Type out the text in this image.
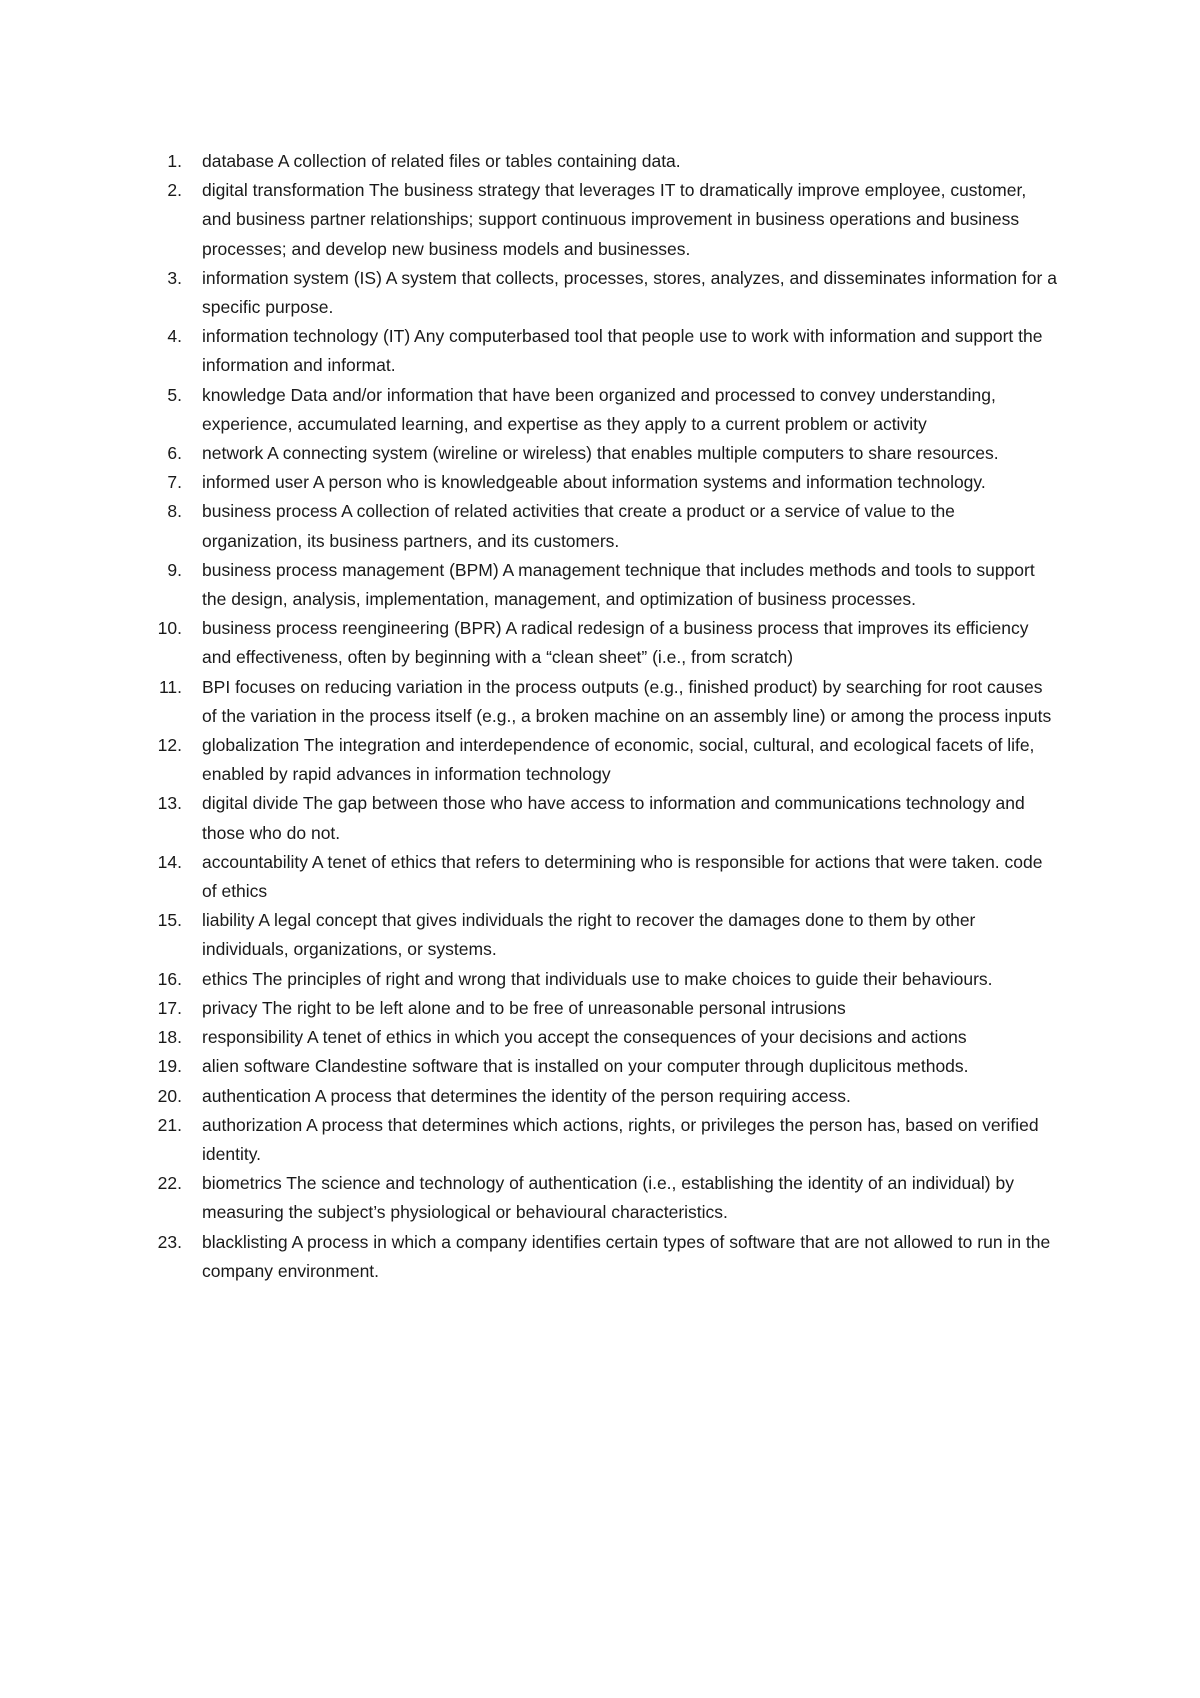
1.	database A collection of related files or tables containing data.
2.	digital transformation The business strategy that leverages IT to dramatically improve employee, customer, and business partner relationships; support continuous improvement in business operations and business processes; and develop new business models and businesses.
3.	information system (IS) A system that collects, processes, stores, analyzes, and disseminates information for a specific purpose.
4.	information technology (IT) Any computerbased tool that people use to work with information and support the information and informat.
5.	knowledge Data and/or information that have been organized and processed to convey understanding, experience, accumulated learning, and expertise as they apply to a current problem or activity
6.	network A connecting system (wireline or wireless) that enables multiple computers to share resources.
7.	informed user A person who is knowledgeable about information systems and information technology.
8.	business process A collection of related activities that create a product or a service of value to the organization, its business partners, and its customers.
9.	business process management (BPM) A management technique that includes methods and tools to support the design, analysis, implementation, management, and optimization of business processes.
10.	business process reengineering (BPR) A radical redesign of a business process that improves its efficiency and effectiveness, often by beginning with a “clean sheet” (i.e., from scratch)
11.	BPI focuses on reducing variation in the process outputs (e.g., finished product) by searching for root causes of the variation in the process itself (e.g., a broken machine on an assembly line) or among the process inputs
12.	globalization The integration and interdependence of economic, social, cultural, and ecological facets of life, enabled by rapid advances in information technology
13.	digital divide The gap between those who have access to information and communications technology and those who do not.
14.	accountability A tenet of ethics that refers to determining who is responsible for actions that were taken. code of ethics
15.	liability A legal concept that gives individuals the right to recover the damages done to them by other individuals, organizations, or systems.
16.	ethics The principles of right and wrong that individuals use to make choices to guide their behaviours.
17.	privacy The right to be left alone and to be free of unreasonable personal intrusions
18.	responsibility A tenet of ethics in which you accept the consequences of your decisions and actions
19.	alien software Clandestine software that is installed on your computer through duplicitous methods.
20.	authentication A process that determines the identity of the person requiring access.
21.	authorization A process that determines which actions, rights, or privileges the person has, based on verified identity.
22.	biometrics The science and technology of authentication (i.e., establishing the identity of an individual) by measuring the subject’s physiological or behavioural characteristics.
23.	blacklisting A process in which a company identifies certain types of software that are not allowed to run in the company environment.
